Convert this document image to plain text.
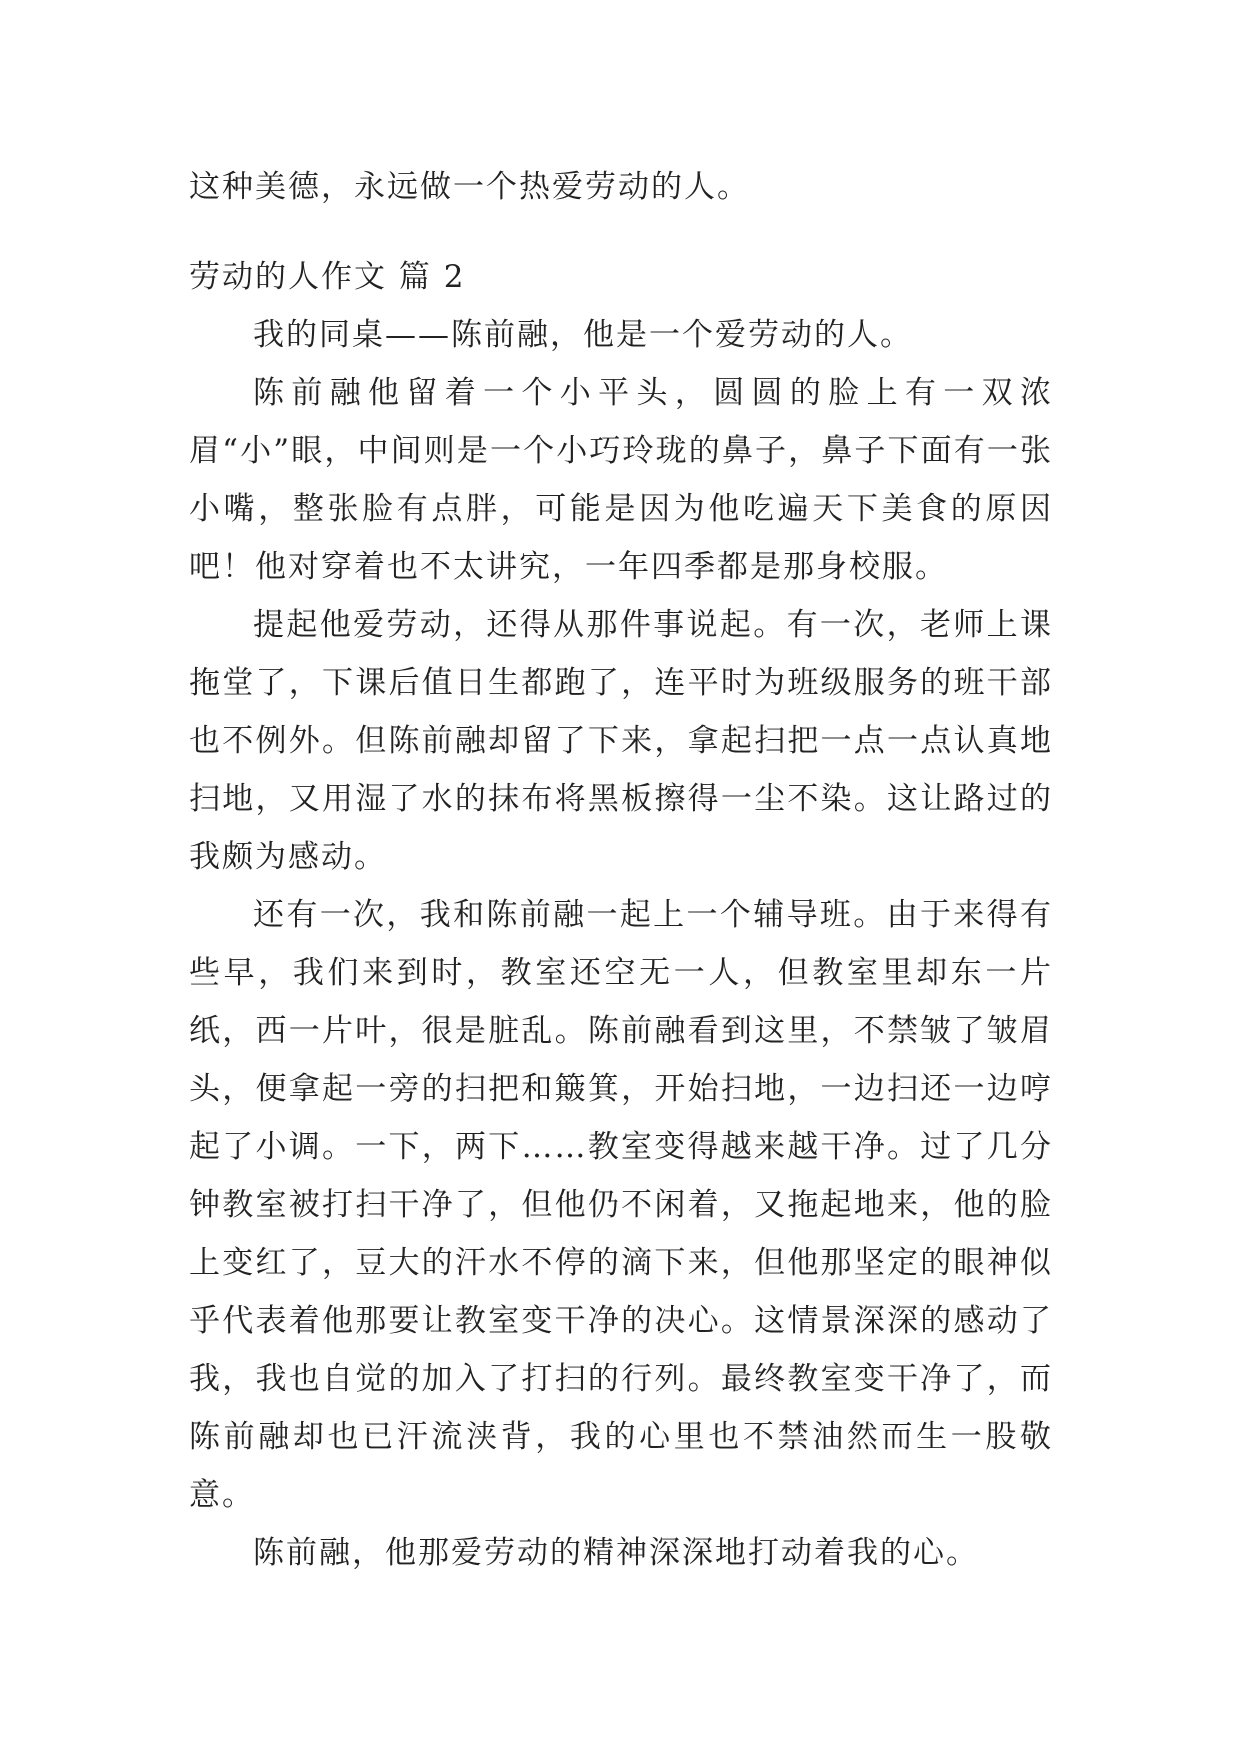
这种美德，永远做一个热爱劳动的人。
劳动的人作文 篇 2

我的同桌——陈前融，他是一个爱劳动的人。

陈前融他留着一个小平头，圆圆的脸上有一双浓眉“小”眼，中间则是一个小巧玲珑的鼻子，鼻子下面有一张小嘴，整张脸有点胖，可能是因为他吃遍天下美食的原因吧！他对穿着也不太讲究，一年四季都是那身校服。

提起他爱劳动，还得从那件事说起。有一次，老师上课拖堂了，下课后值日生都跑了，连平时为班级服务的班干部也不例外。但陈前融却留了下来，拿起扫把一点一点认真地扫地，又用湿了水的抹布将黑板擦得一尘不染。这让路过的我颇为感动。

还有一次，我和陈前融一起上一个辅导班。由于来得有些早，我们来到时，教室还空无一人，但教室里却东一片纸，西一片叶，很是脏乱。陈前融看到这里，不禁皱了皱眉头，便拿起一旁的扫把和簸箕，开始扫地，一边扫还一边哼起了小调。一下，两下……教室变得越来越干净。过了几分钟教室被打扫干净了，但他仍不闲着，又拖起地来，他的脸上变红了，豆大的汗水不停的滴下来，但他那坚定的眼神似乎代表着他那要让教室变干净的决心。这情景深深的感动了我，我也自觉的加入了打扫的行列。最终教室变干净了，而陈前融却也已汗流浃背，我的心里也不禁油然而生一股敬意。

陈前融，他那爱劳动的精神深深地打动着我的心。
